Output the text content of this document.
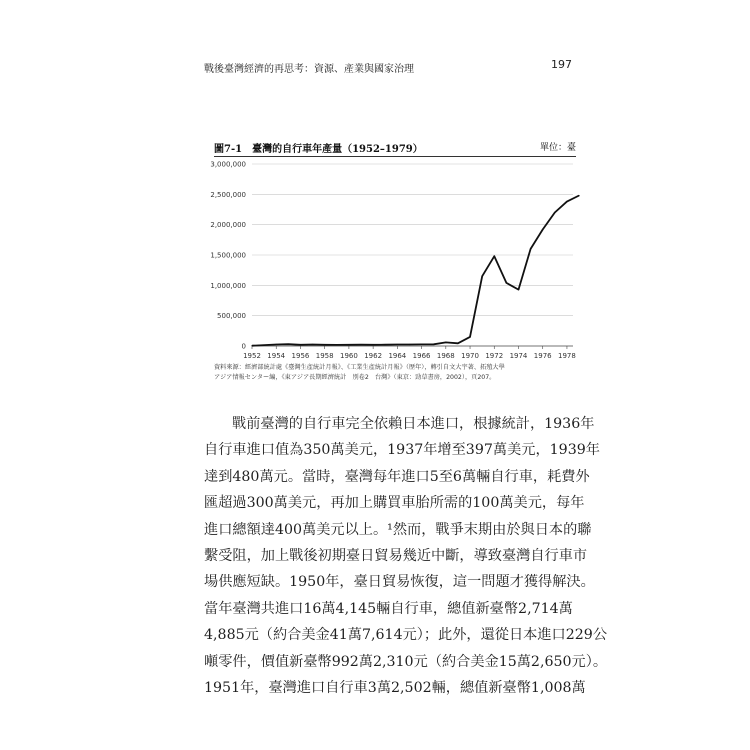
戰後臺灣經濟的再思考：資源、產業與國家治理	197
圖7-1　臺灣的自行車年產量（1952–1979）	單位：臺
0
500,000
1,000,000
1,500,000
2,000,000
2,500,000
3,000,000
1952 1954 1956 1958 1960 1962 1964 1966 1968 1970 1972 1974 1976 1978
資料來源：經濟部統計處《臺灣生產統計月報》、《工業生產統計月報》（歷年），轉引自文大宇著、拓殖大學
アジア情報センター編，《東アジア長期經濟統計　別卷2　台灣》（東京：勁草書房，2002），頁207。
戰前臺灣的自行車完全依賴日本進口，根據統計，1936年
自行車進口值為350萬美元，1937年增至397萬美元，1939年
達到480萬元。當時，臺灣每年進口5至6萬輛自行車，耗費外
匯超過300萬美元，再加上購買車胎所需的100萬美元，每年
進口總額達400萬美元以上。¹然而，戰爭末期由於與日本的聯
繫受阻，加上戰後初期臺日貿易幾近中斷，導致臺灣自行車市
場供應短缺。1950年，臺日貿易恢復，這一問題才獲得解決。
當年臺灣共進口16萬4,145輛自行車，總值新臺幣2,714萬
4,885元（約合美金41萬7,614元）；此外，還從日本進口229公
噸零件，價值新臺幣992萬2,310元（約合美金15萬2,650元）。
1951年，臺灣進口自行車3萬2,502輛，總值新臺幣1,008萬
